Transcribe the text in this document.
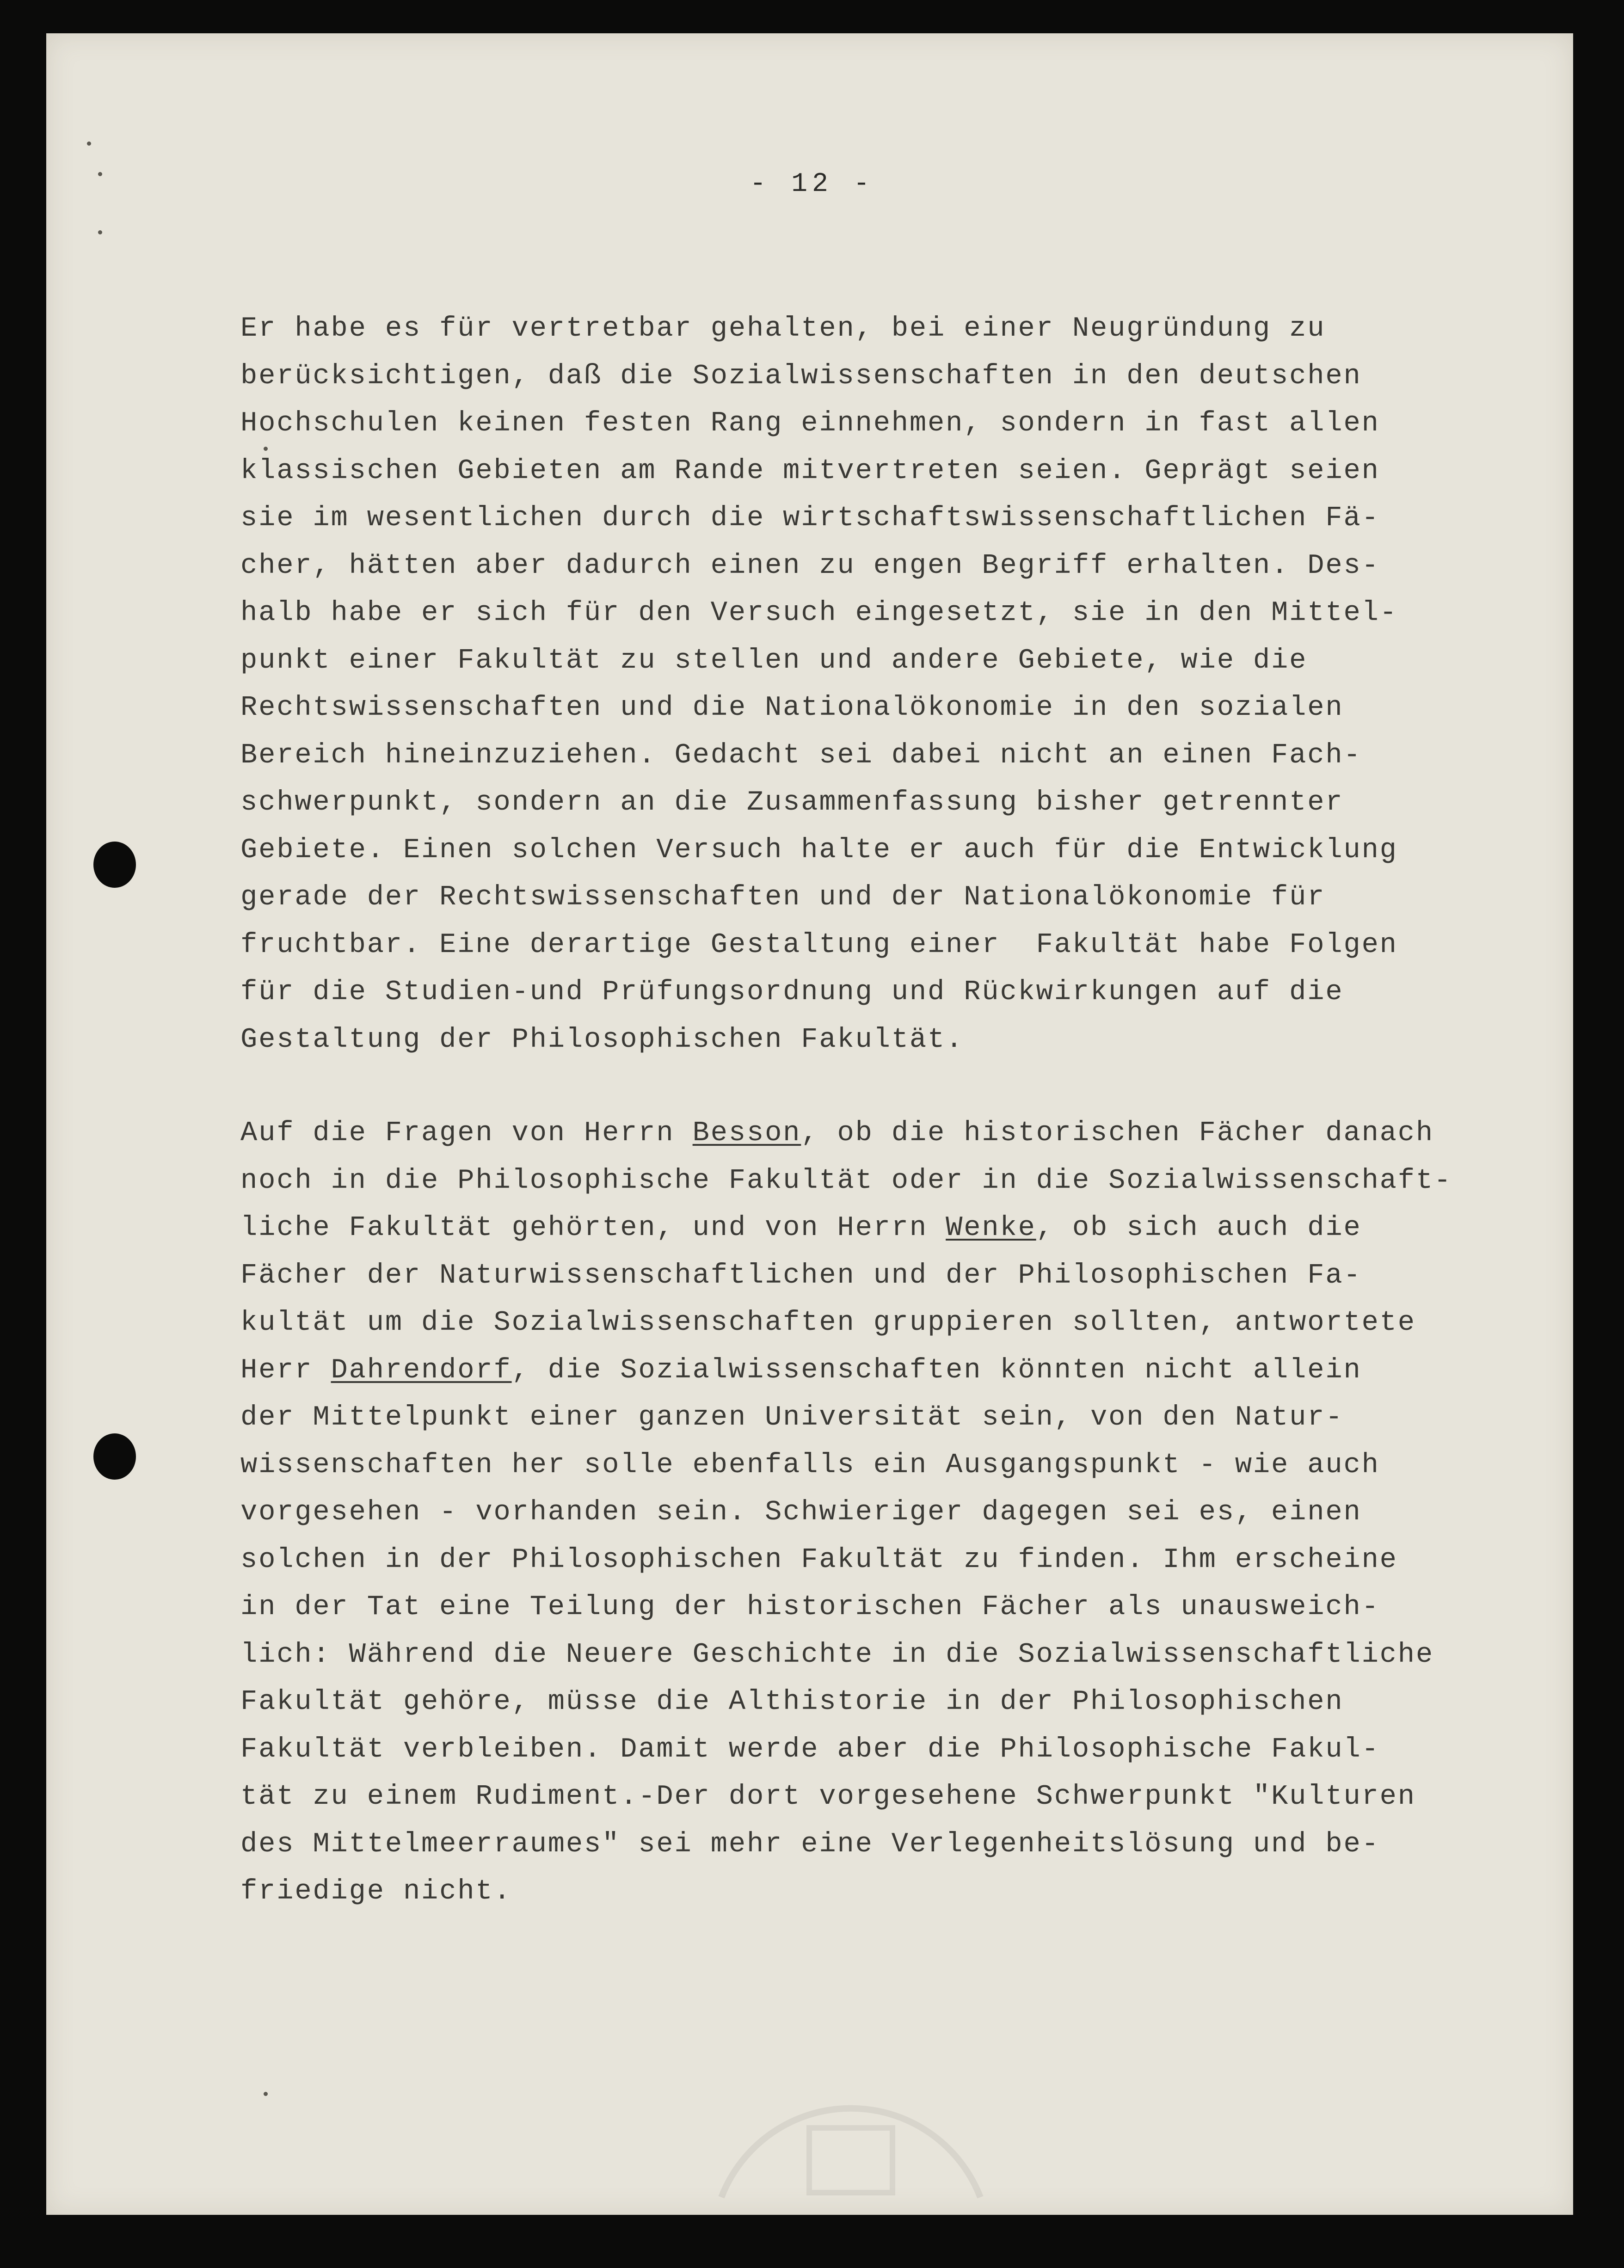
- 12 -
Er habe es für vertretbar gehalten, bei einer Neugründung zu
berücksichtigen, daß die Sozialwissenschaften in den deutschen
Hochschulen keinen festen Rang einnehmen, sondern in fast allen
klassischen Gebieten am Rande mitvertreten seien. Geprägt seien
sie im wesentlichen durch die wirtschaftswissenschaftlichen Fä-
cher, hätten aber dadurch einen zu engen Begriff erhalten. Des-
halb habe er sich für den Versuch eingesetzt, sie in den Mittel-
punkt einer Fakultät zu stellen und andere Gebiete, wie die
Rechtswissenschaften und die Nationalökonomie in den sozialen
Bereich hineinzuziehen. Gedacht sei dabei nicht an einen Fach-
schwerpunkt, sondern an die Zusammenfassung bisher getrennter
Gebiete. Einen solchen Versuch halte er auch für die Entwicklung
gerade der Rechtswissenschaften und der Nationalökonomie für
fruchtbar. Eine derartige Gestaltung einer  Fakultät habe Folgen
für die Studien-und Prüfungsordnung und Rückwirkungen auf die
Gestaltung der Philosophischen Fakultät.
Auf die Fragen von Herrn Besson, ob die historischen Fächer danach
noch in die Philosophische Fakultät oder in die Sozialwissenschaft-
liche Fakultät gehörten, und von Herrn Wenke, ob sich auch die
Fächer der Naturwissenschaftlichen und der Philosophischen Fa-
kultät um die Sozialwissenschaften gruppieren sollten, antwortete
Herr Dahrendorf, die Sozialwissenschaften könnten nicht allein
der Mittelpunkt einer ganzen Universität sein, von den Natur-
wissenschaften her solle ebenfalls ein Ausgangspunkt - wie auch
vorgesehen - vorhanden sein. Schwieriger dagegen sei es, einen
solchen in der Philosophischen Fakultät zu finden. Ihm erscheine
in der Tat eine Teilung der historischen Fächer als unausweich-
lich: Während die Neuere Geschichte in die Sozialwissenschaftliche
Fakultät gehöre, müsse die Althistorie in der Philosophischen
Fakultät verbleiben. Damit werde aber die Philosophische Fakul-
tät zu einem Rudiment.-Der dort vorgesehene Schwerpunkt "Kulturen
des Mittelmeerraumes" sei mehr eine Verlegenheitslösung und be-
friedige nicht.
